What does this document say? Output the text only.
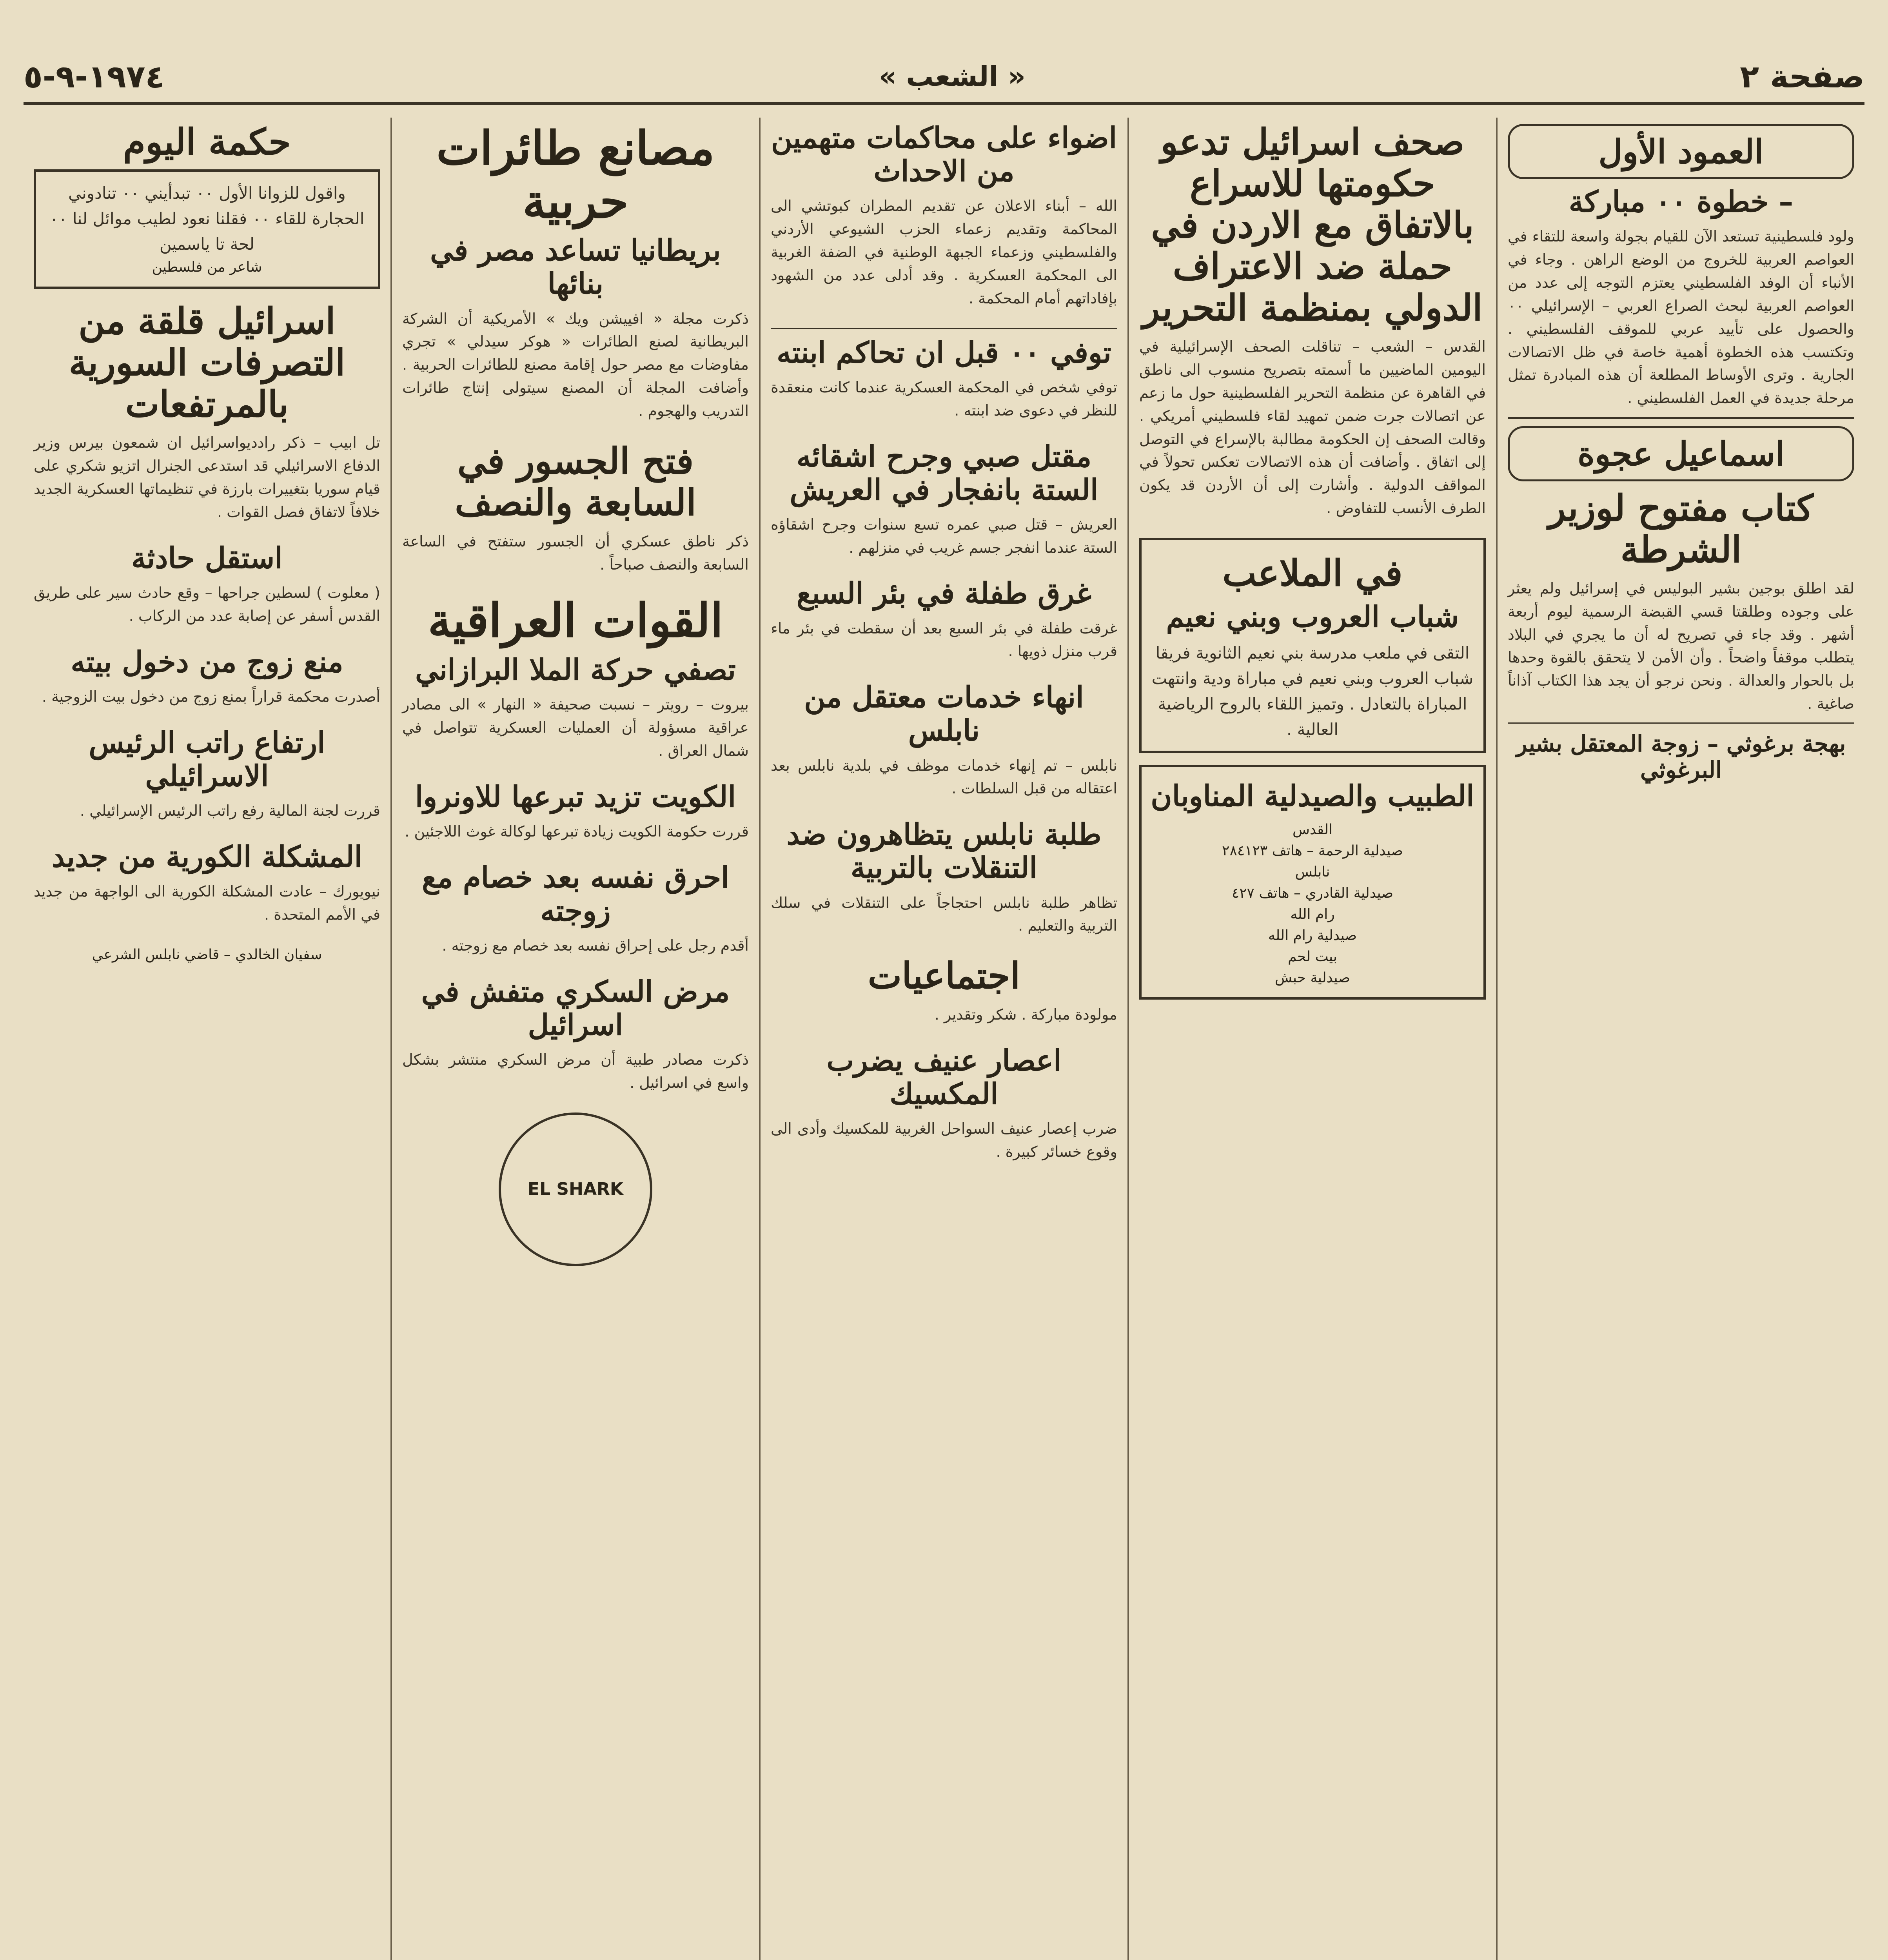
صفحة ٢
« الشعب »
١٩٧٤-٩-٥
العمود الأول
– خطوة ٠٠ مباركة
ولود فلسطينية تستعد الآن للقيام بجولة واسعة للتقاء في العواصم العربية للخروج من الوضع الراهن . وجاء في الأنباء أن الوفد الفلسطيني يعتزم التوجه إلى عدد من العواصم العربية لبحث الصراع العربي – الإسرائيلي ٠٠ والحصول على تأييد عربي للموقف الفلسطيني . وتكتسب هذه الخطوة أهمية خاصة في ظل الاتصالات الجارية . وترى الأوساط المطلعة أن هذه المبادرة تمثل مرحلة جديدة في العمل الفلسطيني .
اسماعيل عجوة
كتاب مفتوح لوزير الشرطة
لقد اطلق بوجين بشير البوليس في إسرائيل ولم يعثر على وجوده وطلقتا قسي القبضة الرسمية ليوم أربعة أشهر . وقد جاء في تصريح له أن ما يجري في البلاد يتطلب موقفاً واضحاً . وأن الأمن لا يتحقق بالقوة وحدها بل بالحوار والعدالة . ونحن نرجو أن يجد هذا الكتاب آذاناً صاغية .
بهجة برغوثي – زوجة المعتقل بشير البرغوثي
صحف اسرائيل تدعو حكومتها للاسراع بالاتفاق مع الاردن في حملة ضد الاعتراف الدولي بمنظمة التحرير
القدس – الشعب – تناقلت الصحف الإسرائيلية في اليومين الماضيين ما أسمته بتصريح منسوب الى ناطق في القاهرة عن منظمة التحرير الفلسطينية حول ما زعم عن اتصالات جرت ضمن تمهيد لقاء فلسطيني أمريكي . وقالت الصحف إن الحكومة مطالبة بالإسراع في التوصل إلى اتفاق . وأضافت أن هذه الاتصالات تعكس تحولاً في المواقف الدولية . وأشارت إلى أن الأردن قد يكون الطرف الأنسب للتفاوض .
في الملاعب
شباب العروب وبني نعيم
التقى في ملعب مدرسة بني نعيم الثانوية فريقا شباب العروب وبني نعيم في مباراة ودية وانتهت المباراة بالتعادل . وتميز اللقاء بالروح الرياضية العالية .
الطبيب والصيدلية المناوبان
القدس
صيدلية الرحمة – هاتف ٢٨٤١٢٣
نابلس
صيدلية القادري – هاتف ٤٢٧
رام الله
صيدلية رام الله
بيت لحم
صيدلية حبش
اضواء على محاكمات متهمين من الاحداث
الله – أبناء الاعلان عن تقديم المطران كبوتشي الى المحاكمة وتقديم زعماء الحزب الشيوعي الأردني والفلسطيني وزعماء الجبهة الوطنية في الضفة الغربية الى المحكمة العسكرية . وقد أدلى عدد من الشهود بإفاداتهم أمام المحكمة .
توفي ٠٠ قبل ان تحاكم ابنته
توفي شخص في المحكمة العسكرية عندما كانت منعقدة للنظر في دعوى ضد ابنته .
مقتل صبي وجرح اشقائه الستة بانفجار في العريش
العريش – قتل صبي عمره تسع سنوات وجرح اشقاؤه الستة عندما انفجر جسم غريب في منزلهم .
غرق طفلة في بئر السبع
غرقت طفلة في بئر السبع بعد أن سقطت في بئر ماء قرب منزل ذويها .
انهاء خدمات معتقل من نابلس
نابلس – تم إنهاء خدمات موظف في بلدية نابلس بعد اعتقاله من قبل السلطات .
طلبة نابلس يتظاهرون ضد التنقلات بالتربية
تظاهر طلبة نابلس احتجاجاً على التنقلات في سلك التربية والتعليم .
اجتماعيات
مولودة مباركة . شكر وتقدير .
اعصار عنيف يضرب المكسيك
ضرب إعصار عنيف السواحل الغربية للمكسيك وأدى الى وقوع خسائر كبيرة .
مصانع طائرات حربية
بريطانيا تساعد مصر في بنائها
ذكرت مجلة « افييشن ويك » الأمريكية أن الشركة البريطانية لصنع الطائرات « هوكر سيدلي » تجري مفاوضات مع مصر حول إقامة مصنع للطائرات الحربية . وأضافت المجلة أن المصنع سيتولى إنتاج طائرات التدريب والهجوم .
فتح الجسور في السابعة والنصف
ذكر ناطق عسكري أن الجسور ستفتح في الساعة السابعة والنصف صباحاً .
القوات العراقية
تصفي حركة الملا البرازاني
بيروت – رويتر – نسبت صحيفة « النهار » الى مصادر عراقية مسؤولة أن العمليات العسكرية تتواصل في شمال العراق .
الكويت تزيد تبرعها للاونروا
قررت حكومة الكويت زيادة تبرعها لوكالة غوث اللاجئين .
احرق نفسه بعد خصام مع زوجته
أقدم رجل على إحراق نفسه بعد خصام مع زوجته .
مرض السكري متفش في اسرائيل
ذكرت مصادر طبية أن مرض السكري منتشر بشكل واسع في اسرائيل .
EL SHARK
حكمة اليوم
واقول للزوانا الأول ٠٠ تبدأيني ٠٠ تنادوني الحجارة للقاء ٠٠ فقلنا نعود لطيب موائل لنا ٠٠ لحة تا ياسمين
شاعر من فلسطين
اسرائيل قلقة من التصرفات السورية بالمرتفعات
تل ابيب – ذكر رادديواسرائيل ان شمعون بيرس وزير الدفاع الاسرائيلي قد استدعى الجنرال اتزيو شكري على قيام سوريا بتغييرات بارزة في تنظيماتها العسكرية الجديد خلافاً لاتفاق فصل القوات .
استقل حادثة
( معلوت ) لسطين جراحها – وقع حادث سير على طريق القدس أسفر عن إصابة عدد من الركاب .
منع زوج من دخول بيته
أصدرت محكمة قراراً بمنع زوج من دخول بيت الزوجية .
ارتفاع راتب الرئيس الاسرائيلي
قررت لجنة المالية رفع راتب الرئيس الإسرائيلي .
المشكلة الكورية من جديد
نيويورك – عادت المشكلة الكورية الى الواجهة من جديد في الأمم المتحدة .
سفيان الخالدي – قاضي نابلس الشرعي
